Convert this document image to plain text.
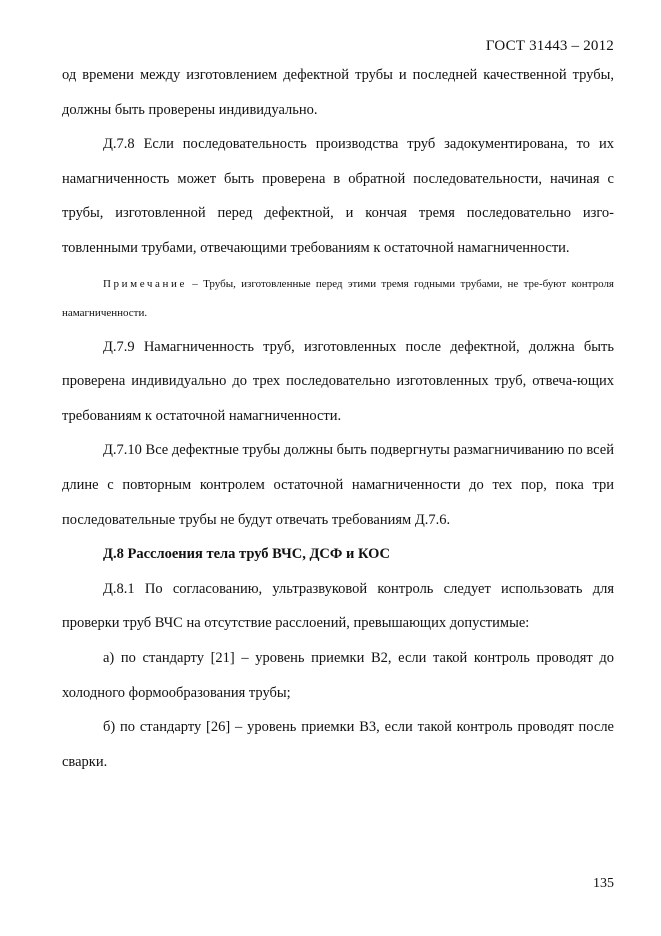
ГОСТ 31443 – 2012

од времени между изготовлением дефектной трубы и последней качественной трубы, должны быть проверены индивидуально.

Д.7.8 Если последовательность производства труб задокументирована, то их намагниченность может быть проверена в обратной последовательности, начиная с трубы, изготовленной перед дефектной, и кончая тремя последовательно изго-товленными трубами, отвечающими требованиям к остаточной намагниченности.

Примечание – Трубы, изготовленные перед этими тремя годными трубами, не тре-буют контроля намагниченности.

Д.7.9 Намагниченность труб, изготовленных после дефектной, должна быть проверена индивидуально до трех последовательно изготовленных труб, отвеча-ющих требованиям к остаточной намагниченности.

Д.7.10 Все дефектные трубы должны быть подвергнуты размагничиванию по всей длине с повторным контролем остаточной намагниченности до тех пор, пока три последовательные трубы не будут отвечать требованиям Д.7.6.

Д.8 Расслоения тела труб ВЧС, ДСФ и КОС

Д.8.1 По согласованию, ультразвуковой контроль следует использовать для проверки труб ВЧС на отсутствие расслоений, превышающих допустимые:

а) по стандарту [21] – уровень приемки В2, если такой контроль проводят до холодного формообразования трубы;

б) по стандарту [26] – уровень приемки В3, если такой контроль проводят после сварки.

135
